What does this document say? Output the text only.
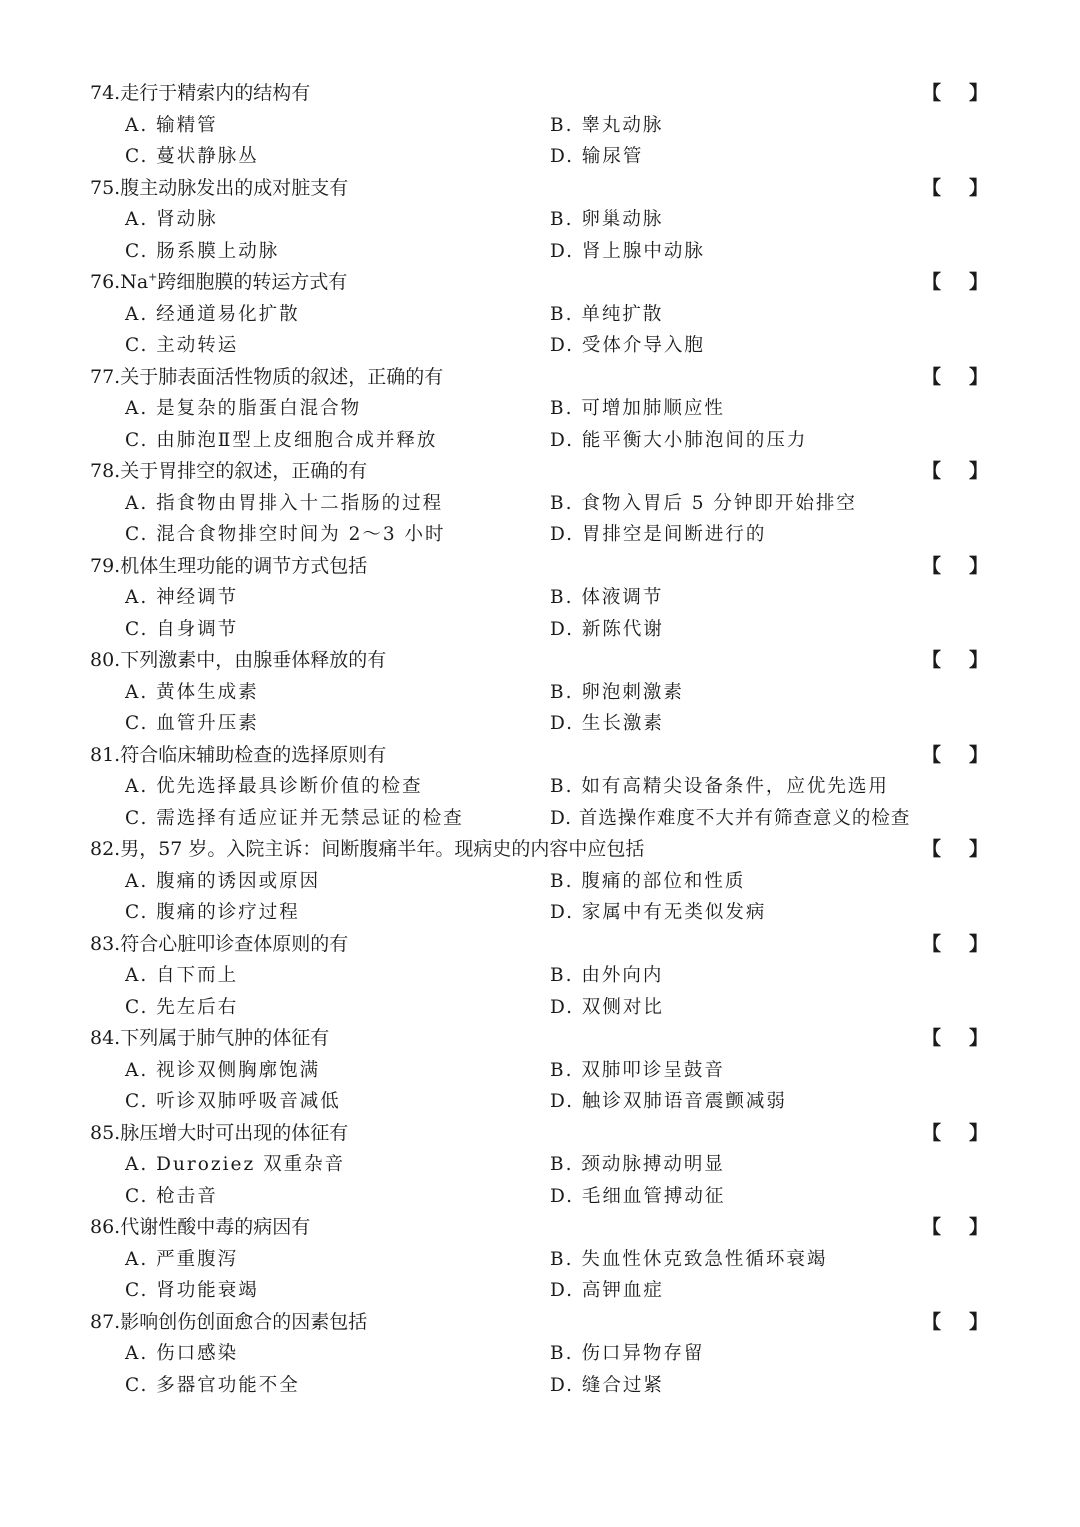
74.走行于精索内的结构有	【 】
A. 输精管	B. 睾丸动脉
C. 蔓状静脉丛	D. 输尿管
75.腹主动脉发出的成对脏支有	【 】
A. 肾动脉	B. 卵巢动脉
C. 肠系膜上动脉	D. 肾上腺中动脉
76.Na+跨细胞膜的转运方式有	【 】
A. 经通道易化扩散	B. 单纯扩散
C. 主动转运	D. 受体介导入胞
77.关于肺表面活性物质的叙述，正确的有	【 】
A. 是复杂的脂蛋白混合物	B. 可增加肺顺应性
C. 由肺泡Ⅱ型上皮细胞合成并释放	D. 能平衡大小肺泡间的压力
78.关于胃排空的叙述，正确的有	【 】
A. 指食物由胃排入十二指肠的过程	B. 食物入胃后 5 分钟即开始排空
C. 混合食物排空时间为 2～3 小时	D. 胃排空是间断进行的
79.机体生理功能的调节方式包括	【 】
A. 神经调节	B. 体液调节
C. 自身调节	D. 新陈代谢
80.下列激素中，由腺垂体释放的有	【 】
A. 黄体生成素	B. 卵泡刺激素
C. 血管升压素	D. 生长激素
81.符合临床辅助检查的选择原则有	【 】
A. 优先选择最具诊断价值的检查	B. 如有高精尖设备条件，应优先选用
C. 需选择有适应证并无禁忌证的检查	D. 首选操作难度不大并有筛查意义的检查
82.男，57 岁。入院主诉：间断腹痛半年。现病史的内容中应包括	【 】
A. 腹痛的诱因或原因	B. 腹痛的部位和性质
C. 腹痛的诊疗过程	D. 家属中有无类似发病
83.符合心脏叩诊查体原则的有	【 】
A. 自下而上	B. 由外向内
C. 先左后右	D. 双侧对比
84.下列属于肺气肿的体征有	【 】
A. 视诊双侧胸廓饱满	B. 双肺叩诊呈鼓音
C. 听诊双肺呼吸音减低	D. 触诊双肺语音震颤减弱
85.脉压增大时可出现的体征有	【 】
A. Duroziez 双重杂音	B. 颈动脉搏动明显
C. 枪击音	D. 毛细血管搏动征
86.代谢性酸中毒的病因有	【 】
A. 严重腹泻	B. 失血性休克致急性循环衰竭
C. 肾功能衰竭	D. 高钾血症
87.影响创伤创面愈合的因素包括	【 】
A. 伤口感染	B. 伤口异物存留
C. 多器官功能不全	D. 缝合过紧
